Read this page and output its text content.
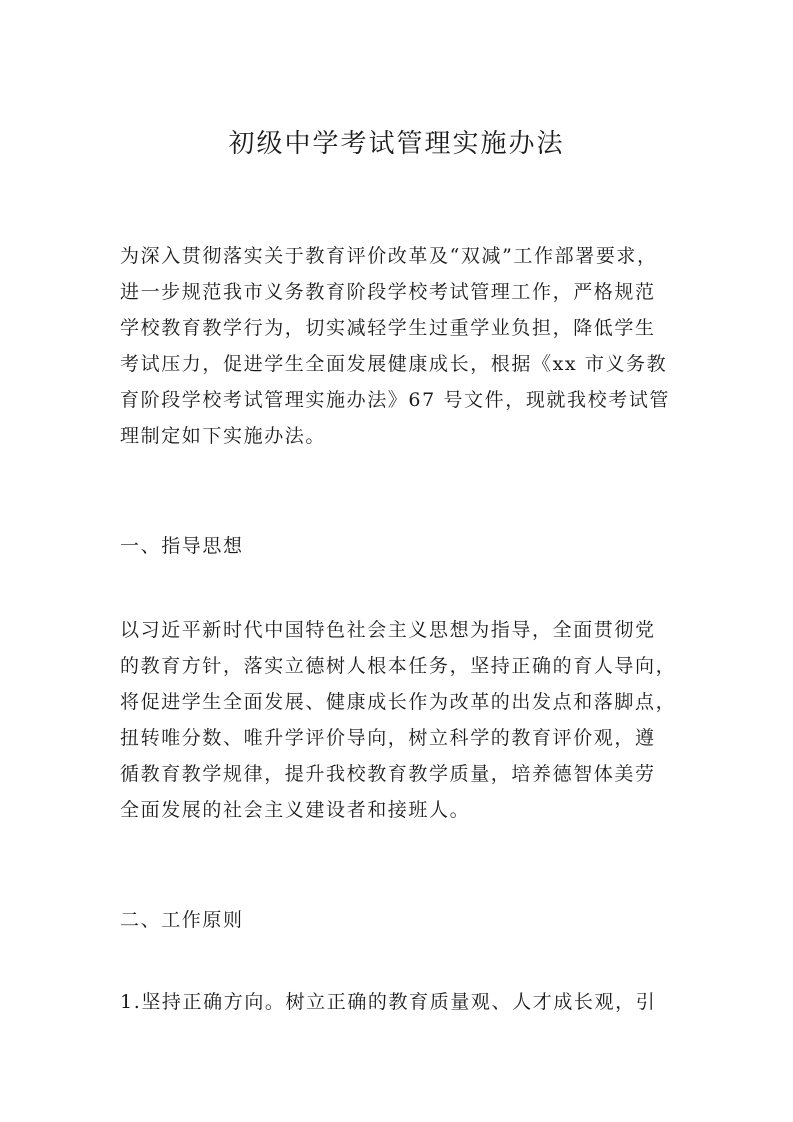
初级中学考试管理实施办法

为深入贯彻落实关于教育评价改革及“双减”工作部署要求，
进一步规范我市义务教育阶段学校考试管理工作，严格规范
学校教育教学行为，切实减轻学生过重学业负担，降低学生
考试压力，促进学生全面发展健康成长，根据《xx 市义务教
育阶段学校考试管理实施办法》67 号文件，现就我校考试管
理制定如下实施办法。

一、指导思想

以习近平新时代中国特色社会主义思想为指导，全面贯彻党
的教育方针，落实立德树人根本任务，坚持正确的育人导向，
将促进学生全面发展、健康成长作为改革的出发点和落脚点，
扭转唯分数、唯升学评价导向，树立科学的教育评价观，遵
循教育教学规律，提升我校教育教学质量，培养德智体美劳
全面发展的社会主义建设者和接班人。

二、工作原则

1.坚持正确方向。树立正确的教育质量观、人才成长观，引
